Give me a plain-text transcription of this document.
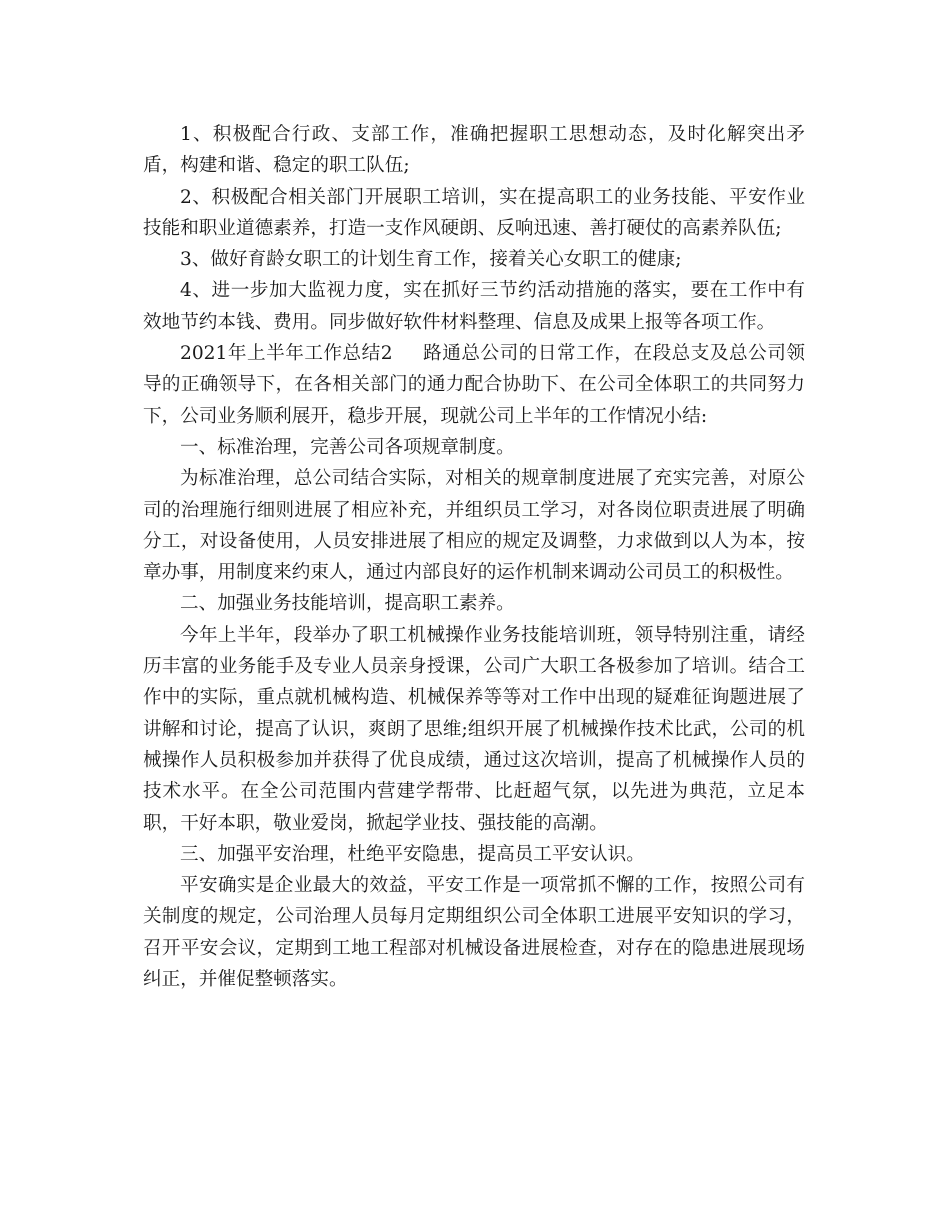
1、积极配合行政、支部工作，准确把握职工思想动态，及时化解突出矛盾，构建和谐、稳定的职工队伍;

2、积极配合相关部门开展职工培训，实在提高职工的业务技能、平安作业技能和职业道德素养，打造一支作风硬朗、反响迅速、善打硬仗的高素养队伍;

3、做好育龄女职工的计划生育工作，接着关心女职工的健康;

4、进一步加大监视力度，实在抓好三节约活动措施的落实，要在工作中有效地节约本钱、费用。同步做好软件材料整理、信息及成果上报等各项工作。

2021年上半年工作总结2 路通总公司的日常工作，在段总支及总公司领导的正确领导下，在各相关部门的通力配合协助下、在公司全体职工的共同努力下，公司业务顺利展开，稳步开展，现就公司上半年的工作情况小结:

一、标准治理，完善公司各项规章制度。

为标准治理，总公司结合实际，对相关的规章制度进展了充实完善，对原公司的治理施行细则进展了相应补充，并组织员工学习，对各岗位职责进展了明确分工，对设备使用，人员安排进展了相应的规定及调整，力求做到以人为本，按章办事，用制度来约束人，通过内部良好的运作机制来调动公司员工的积极性。

二、加强业务技能培训，提高职工素养。

今年上半年，段举办了职工机械操作业务技能培训班，领导特别注重，请经历丰富的业务能手及专业人员亲身授课，公司广大职工各极参加了培训。结合工作中的实际，重点就机械构造、机械保养等等对工作中出现的疑难征询题进展了讲解和讨论，提高了认识，爽朗了思维;组织开展了机械操作技术比武，公司的机械操作人员积极参加并获得了优良成绩，通过这次培训，提高了机械操作人员的技术水平。在全公司范围内营建学帮带、比赶超气氛，以先进为典范，立足本职，干好本职，敬业爱岗，掀起学业技、强技能的高潮。

三、加强平安治理，杜绝平安隐患，提高员工平安认识。

平安确实是企业最大的效益，平安工作是一项常抓不懈的工作，按照公司有关制度的规定，公司治理人员每月定期组织公司全体职工进展平安知识的学习，召开平安会议，定期到工地工程部对机械设备进展检查，对存在的隐患进展现场纠正，并催促整顿落实。
